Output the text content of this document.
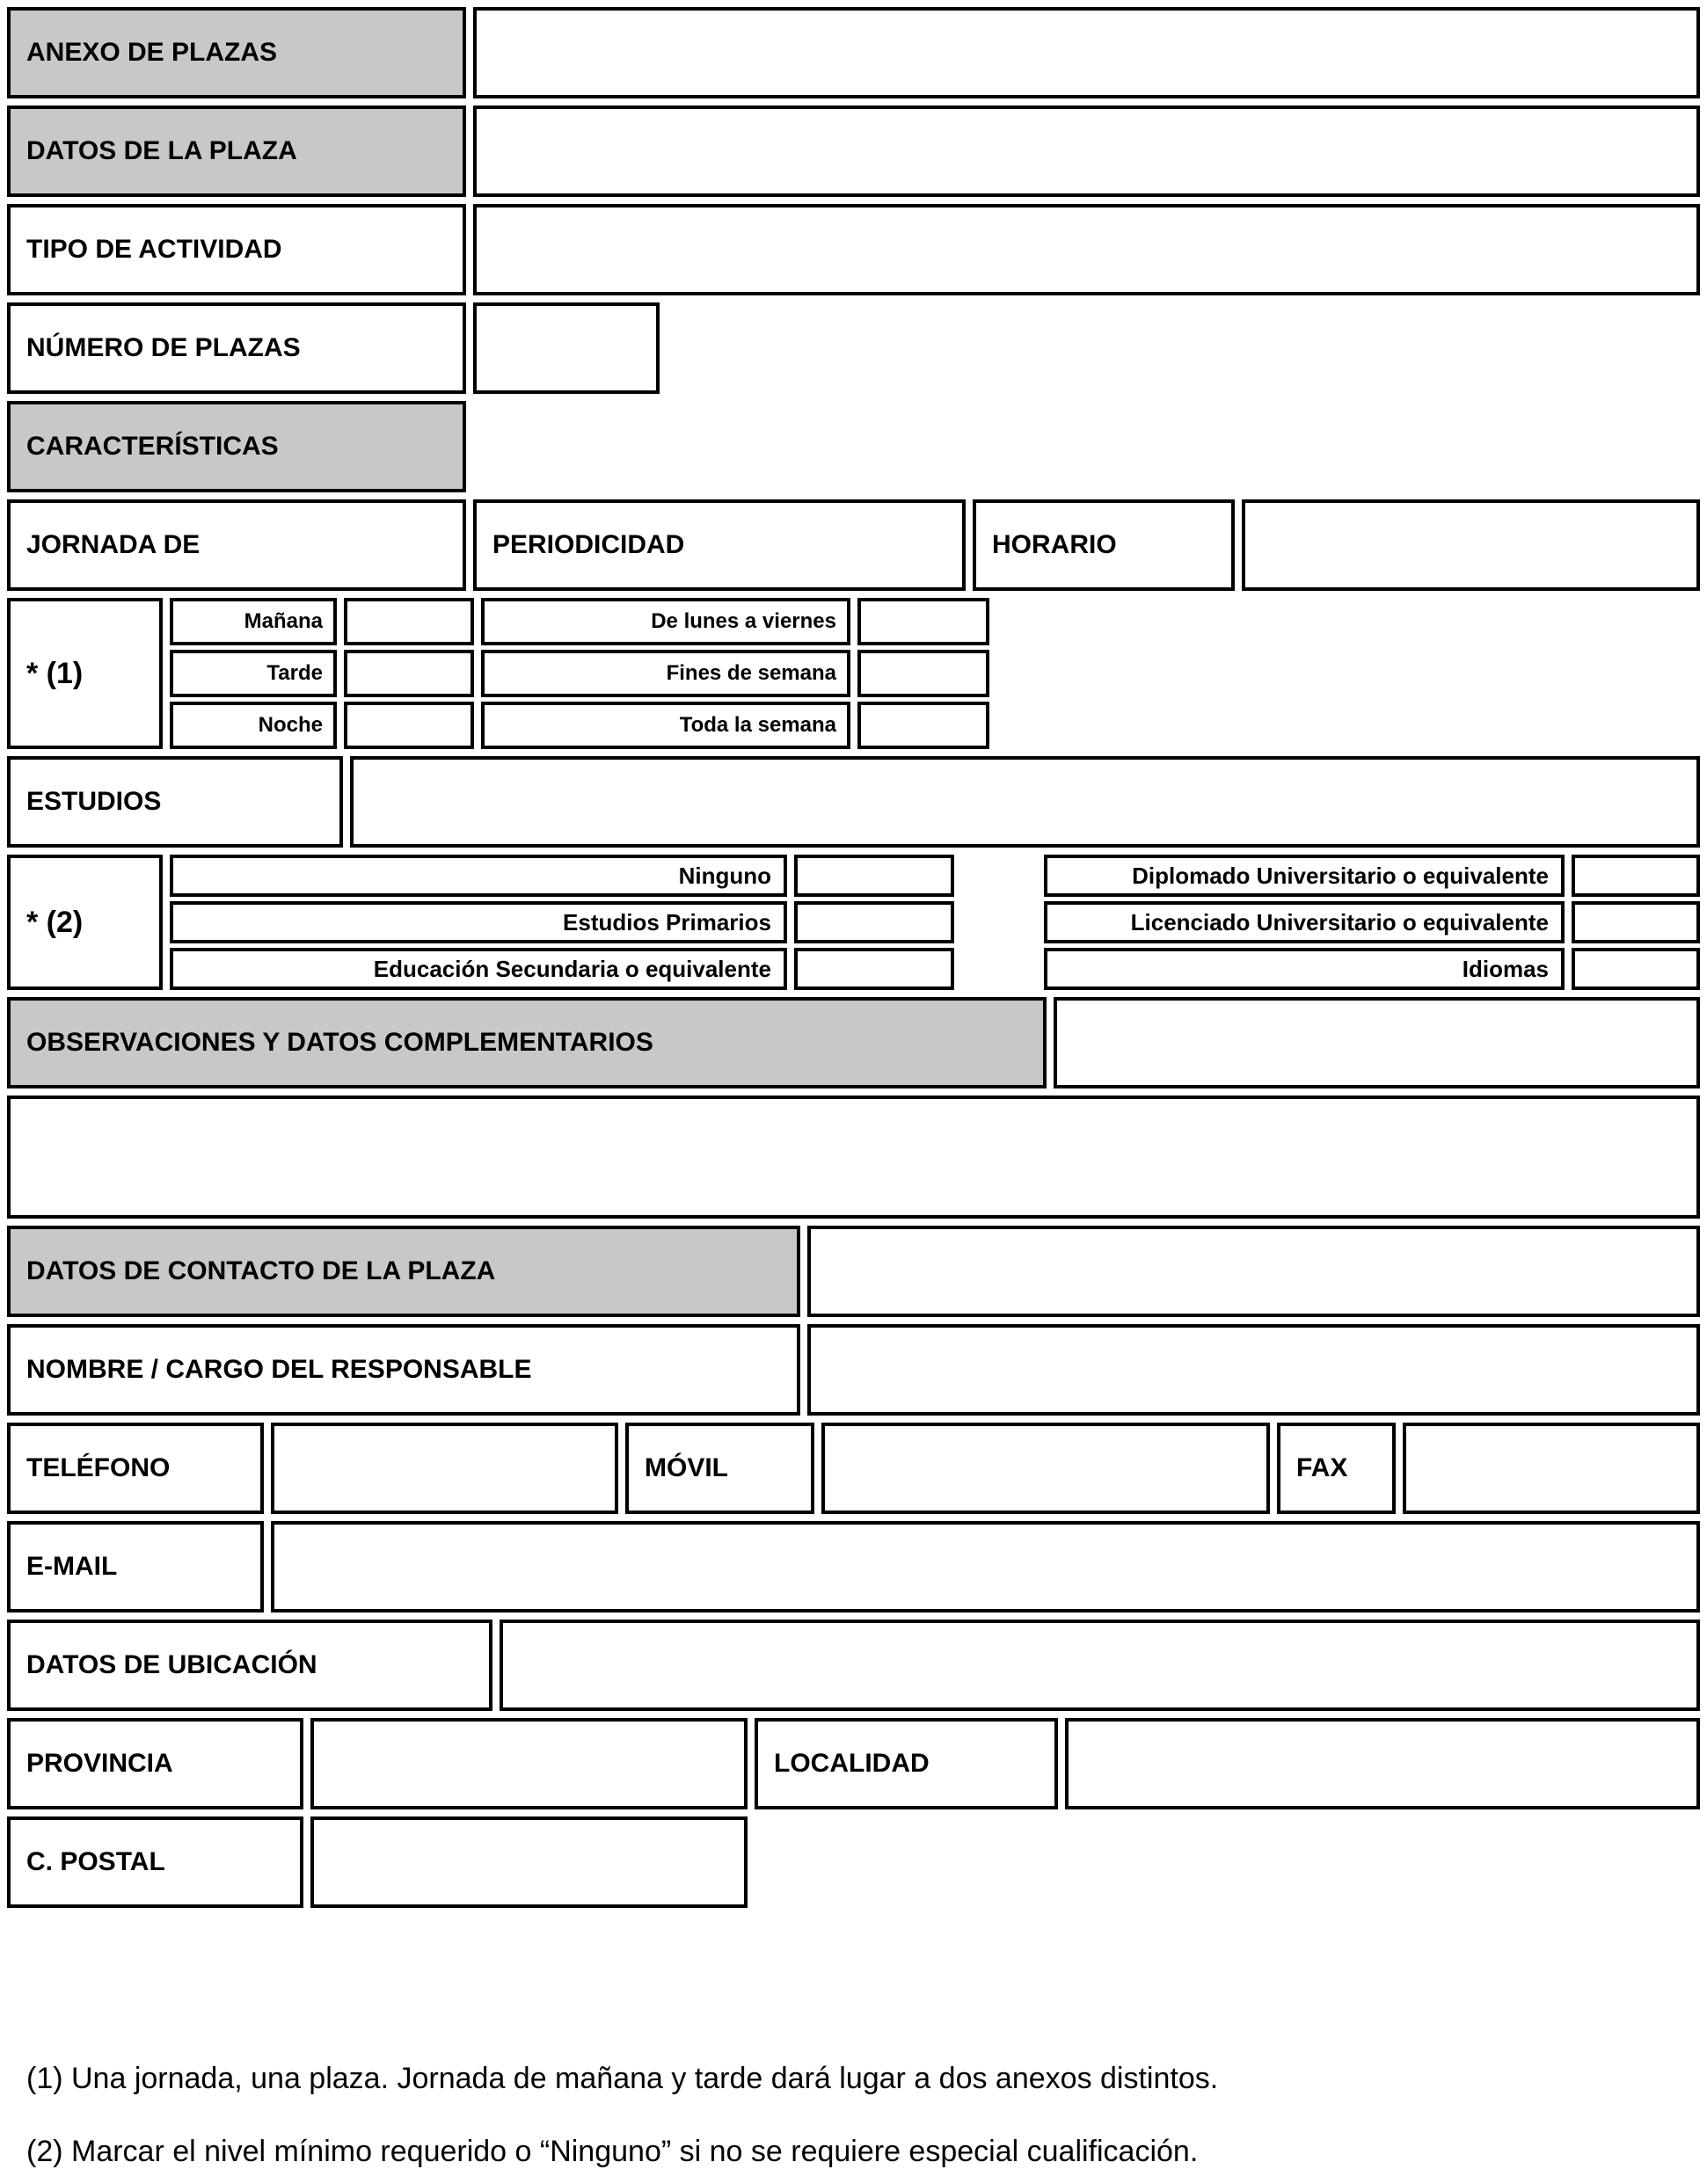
ANEXO DE PLAZAS
DATOS DE LA PLAZA
TIPO DE ACTIVIDAD
NÚMERO DE PLAZAS
CARACTERÍSTICAS
JORNADA DE	PERIODICIDAD	HORARIO
* (1)
Mañana	De lunes a viernes
Tarde	Fines de semana
Noche	Toda la semana
ESTUDIOS
* (2)
Ninguno	Diplomado Universitario o equivalente
Estudios Primarios	Licenciado Universitario o equivalente
Educación Secundaria o equivalente	Idiomas
OBSERVACIONES Y DATOS COMPLEMENTARIOS
DATOS DE CONTACTO DE LA PLAZA
NOMBRE / CARGO DEL RESPONSABLE
TELÉFONO	MÓVIL	FAX
E-MAIL
DATOS DE UBICACIÓN
PROVINCIA	LOCALIDAD
C. POSTAL

(1) Una jornada, una plaza. Jornada de mañana y tarde dará lugar a dos anexos distintos.

(2) Marcar el nivel mínimo requerido o “Ninguno” si no se requiere especial cualificación.
